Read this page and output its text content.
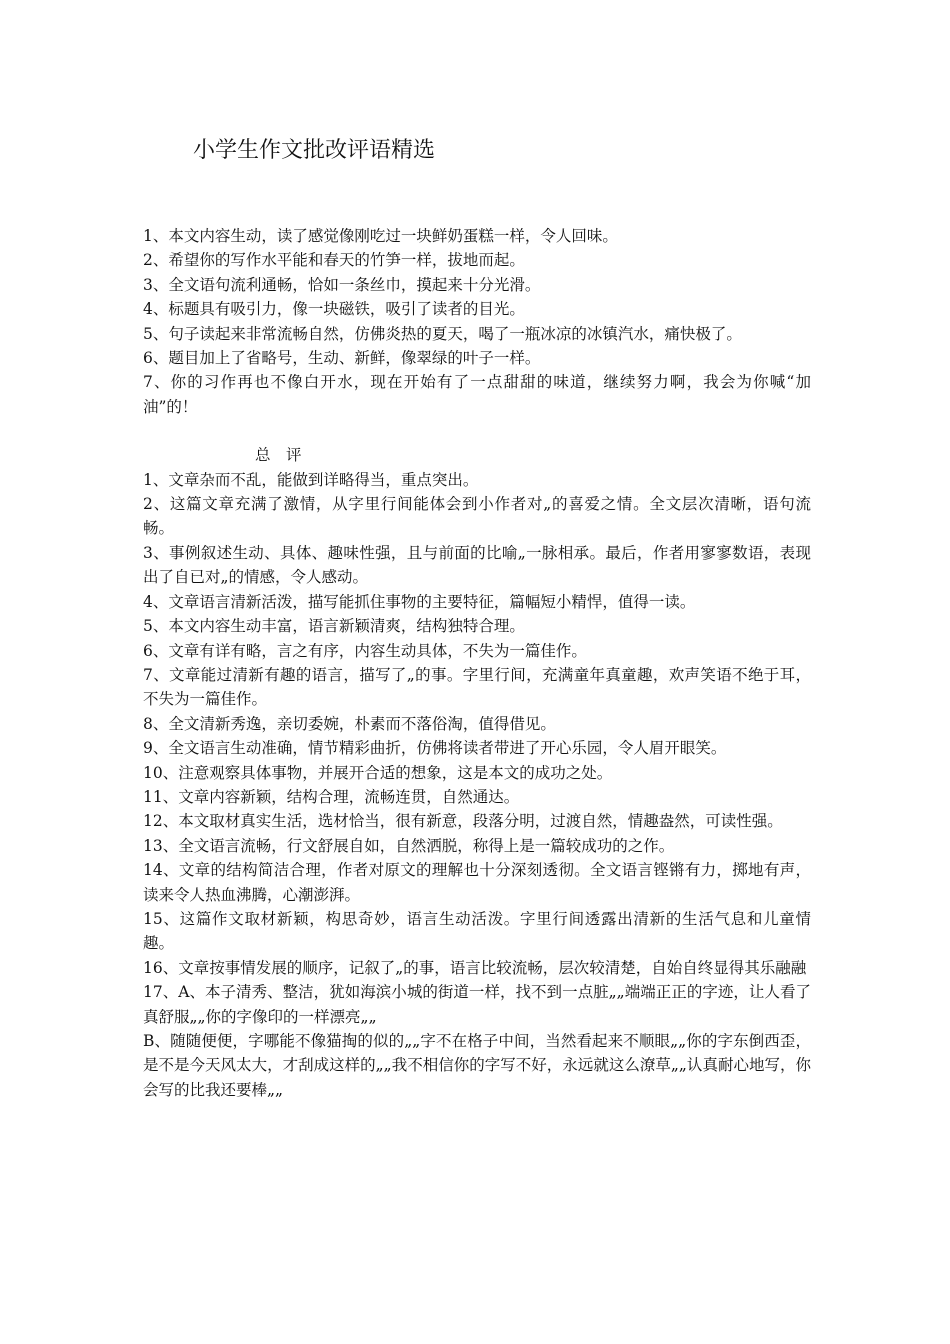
小学生作文批改评语精选

1、本文内容生动，读了感觉像刚吃过一块鲜奶蛋糕一样，令人回味。

2、希望你的写作水平能和春天的竹笋一样，拔地而起。

3、全文语句流利通畅，恰如一条丝巾，摸起来十分光滑。

4、标题具有吸引力，像一块磁铁，吸引了读者的目光。

5、句子读起来非常流畅自然，仿佛炎热的夏天，喝了一瓶冰凉的冰镇汽水，痛快极了。

6、题目加上了省略号，生动、新鲜，像翠绿的叶子一样。

7、你的习作再也不像白开水，现在开始有了一点甜甜的味道，继续努力啊，我会为你喊“加油”的！

总　评

1、文章杂而不乱，能做到详略得当，重点突出。

2、这篇文章充满了激情，从字里行间能体会到小作者对„的喜爱之情。全文层次清晰，语句流畅。

3、事例叙述生动、具体、趣味性强，且与前面的比喻„一脉相承。最后，作者用寥寥数语，表现出了自已对„的情感，令人感动。

4、文章语言清新活泼，描写能抓住事物的主要特征，篇幅短小精悍，值得一读。

5、本文内容生动丰富，语言新颖清爽，结构独特合理。

6、文章有详有略，言之有序，内容生动具体，不失为一篇佳作。

7、文章能过清新有趣的语言，描写了„的事。字里行间，充满童年真童趣，欢声笑语不绝于耳，不失为一篇佳作。

8、全文清新秀逸，亲切委婉，朴素而不落俗淘，值得借见。

9、全文语言生动准确，情节精彩曲折，仿佛将读者带进了开心乐园，令人眉开眼笑。

10、注意观察具体事物，并展开合适的想象，这是本文的成功之处。

11、文章内容新颖，结构合理，流畅连贯，自然通达。

12、本文取材真实生活，选材恰当，很有新意，段落分明，过渡自然，情趣盎然，可读性强。

13、全文语言流畅，行文舒展自如，自然洒脱，称得上是一篇较成功的之作。

14、文章的结构简洁合理，作者对原文的理解也十分深刻透彻。全文语言铿锵有力，掷地有声，读来令人热血沸腾，心潮澎湃。

15、这篇作文取材新颖，构思奇妙，语言生动活泼。字里行间透露出清新的生活气息和儿童情趣。

16、文章按事情发展的顺序，记叙了„的事，语言比较流畅，层次较清楚，自始自终显得其乐融融

17、A、本子清秀、整洁，犹如海滨小城的街道一样，找不到一点脏„„端端正正的字迹，让人看了真舒服„„你的字像印的一样漂亮„„

B、随随便便，字哪能不像猫掏的似的„„字不在格子中间，当然看起来不顺眼„„你的字东倒西歪，是不是今天风太大，才刮成这样的„„我不相信你的字写不好，永远就这么潦草„„认真耐心地写，你会写的比我还要棒„„
